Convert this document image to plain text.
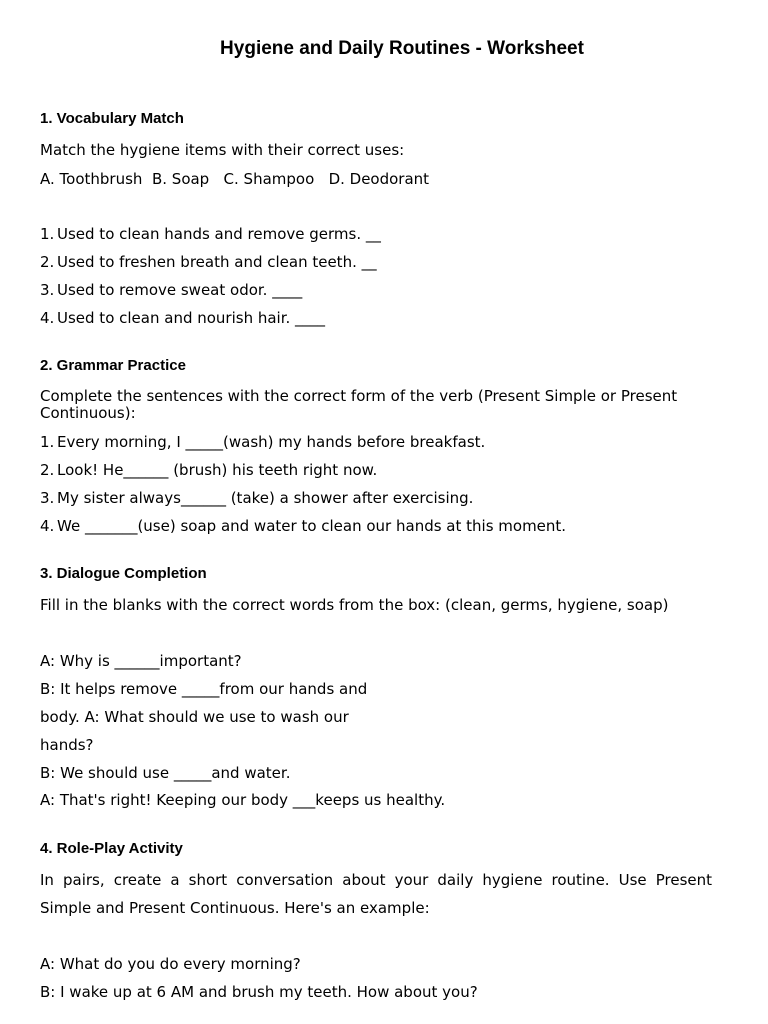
Hygiene and Daily Routines - Worksheet
1. Vocabulary Match
Match the hygiene items with their correct uses:
A. Toothbrush B. Soap C. Shampoo D. Deodorant
1. Used to clean hands and remove germs. __
2. Used to freshen breath and clean teeth. __
3. Used to remove sweat odor. ____
4. Used to clean and nourish hair. ____
2. Grammar Practice
Complete the sentences with the correct form of the verb (Present Simple or Present Continuous):
1. Every morning, I _____(wash) my hands before breakfast.
2. Look! He______ (brush) his teeth right now.
3. My sister always______ (take) a shower after exercising.
4. We _______(use) soap and water to clean our hands at this moment.
3. Dialogue Completion
Fill in the blanks with the correct words from the box: (clean, germs, hygiene, soap)
A: Why is ______important?
B: It helps remove _____from our hands and
body. A: What should we use to wash our
hands?
B: We should use _____and water.
A: That's right! Keeping our body ___keeps us healthy.
4. Role-Play Activity
In pairs, create a short conversation about your daily hygiene routine. Use Present Simple and Present Continuous. Here's an example:
A: What do you do every morning?
B: I wake up at 6 AM and brush my teeth. How about you?
